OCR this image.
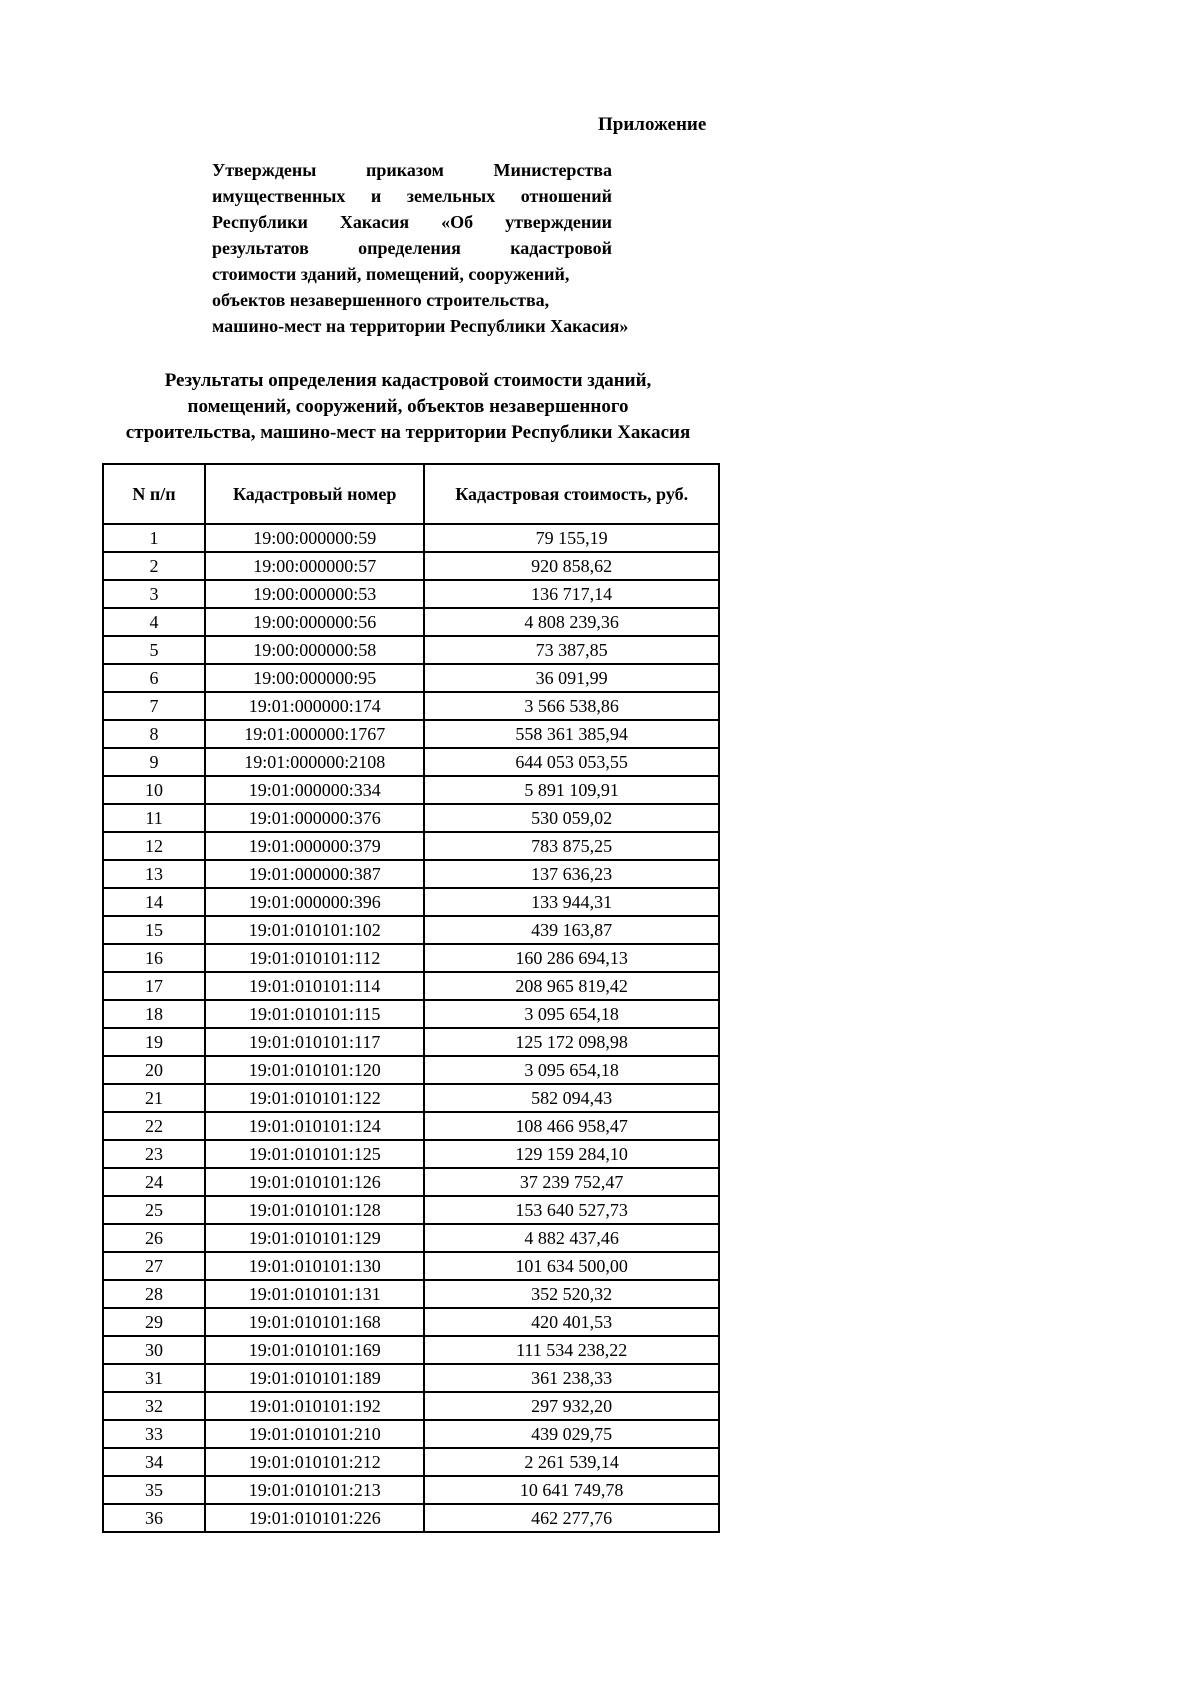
Приложение
Утверждены приказом Министерства
имущественных и земельных отношений
Республики Хакасия «Об утверждении
результатов определения кадастровой
стоимости зданий, помещений, сооружений,
объектов незавершенного строительства,
машино-мест на территории Республики Хакасия»
Результаты определения кадастровой стоимости зданий,
помещений, сооружений, объектов незавершенного
строительства, машино-мест на территории Республики Хакасия
N п/п	Кадастровый номер	Кадастровая стоимость, руб.
1	19:00:000000:59	79 155,19
2	19:00:000000:57	920 858,62
3	19:00:000000:53	136 717,14
4	19:00:000000:56	4 808 239,36
5	19:00:000000:58	73 387,85
6	19:00:000000:95	36 091,99
7	19:01:000000:174	3 566 538,86
8	19:01:000000:1767	558 361 385,94
9	19:01:000000:2108	644 053 053,55
10	19:01:000000:334	5 891 109,91
11	19:01:000000:376	530 059,02
12	19:01:000000:379	783 875,25
13	19:01:000000:387	137 636,23
14	19:01:000000:396	133 944,31
15	19:01:010101:102	439 163,87
16	19:01:010101:112	160 286 694,13
17	19:01:010101:114	208 965 819,42
18	19:01:010101:115	3 095 654,18
19	19:01:010101:117	125 172 098,98
20	19:01:010101:120	3 095 654,18
21	19:01:010101:122	582 094,43
22	19:01:010101:124	108 466 958,47
23	19:01:010101:125	129 159 284,10
24	19:01:010101:126	37 239 752,47
25	19:01:010101:128	153 640 527,73
26	19:01:010101:129	4 882 437,46
27	19:01:010101:130	101 634 500,00
28	19:01:010101:131	352 520,32
29	19:01:010101:168	420 401,53
30	19:01:010101:169	111 534 238,22
31	19:01:010101:189	361 238,33
32	19:01:010101:192	297 932,20
33	19:01:010101:210	439 029,75
34	19:01:010101:212	2 261 539,14
35	19:01:010101:213	10 641 749,78
36	19:01:010101:226	462 277,76
